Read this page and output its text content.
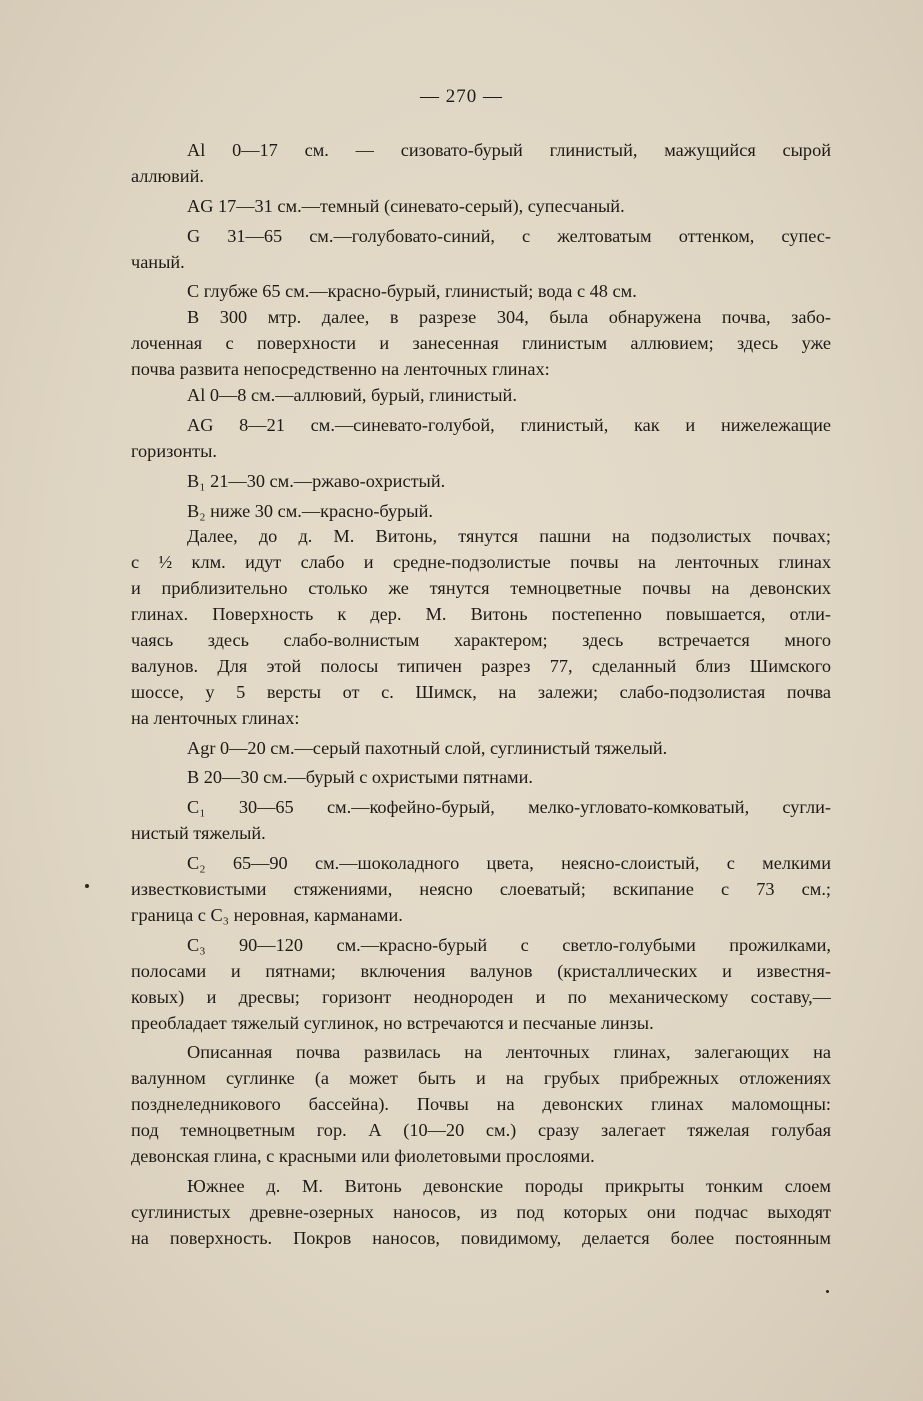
— 270 —
Al 0—17 см. — сизовато-бурый глинистый, мажущийся сырой
аллювий.
AG 17—31 см.—темный (синевато-серый), супесчаный.
G 31—65 см.—голубовато-синий, с желтоватым оттенком, супес-
чаный.
С глубже 65 см.—красно-бурый, глинистый; вода с 48 см.
В 300 мтр. далее, в разрезе 304, была обнаружена почва, забо-
лоченная с поверхности и занесенная глинистым аллювием; здесь уже
почва развита непосредственно на ленточных глинах:
Al 0—8 см.—аллювий, бурый, глинистый.
AG 8—21 см.—синевато-голубой, глинистый, как и нижележащие
горизонты.
В₁ 21—30 см.—ржаво-охристый.
В₂ ниже 30 см.—красно-бурый.
Далее, до д. М. Витонь, тянутся пашни на подзолистых почвах;
с ½ клм. идут слабо и средне-подзолистые почвы на ленточных глинах
и приблизительно столько же тянутся темноцветные почвы на девонских
глинах. Поверхность к дер. М. Витонь постепенно повышается, отли-
чаясь здесь слабо-волнистым характером; здесь встречается много
валунов. Для этой полосы типичен разрез 77, сделанный близ Шимского
шоссе, у 5 версты от с. Шимск, на залежи; слабо-подзолистая почва
на ленточных глинах:
Agr 0—20 см.—серый пахотный слой, суглинистый тяжелый.
В 20—30 см.—бурый с охристыми пятнами.
С₁ 30—65 см.—кофейно-бурый, мелко-угловато-комковатый, сугли-
нистый тяжелый.
С₂ 65—90 см.—шоколадного цвета, неясно-слоистый, с мелкими
известковистыми стяжениями, неясно слоеватый; вскипание с 73 см.;
граница с С₃ неровная, карманами.
С₃ 90—120 см.—красно-бурый с светло-голубыми прожилками,
полосами и пятнами; включения валунов (кристаллических и известня-
ковых) и дресвы; горизонт неоднороден и по механическому составу,—
преобладает тяжелый суглинок, но встречаются и песчаные линзы.
Описанная почва развилась на ленточных глинах, залегающих на
валунном суглинке (а может быть и на грубых прибрежных отложениях
позднеледникового бассейна). Почвы на девонских глинах маломощны:
под темноцветным гор. А (10—20 см.) сразу залегает тяжелая голубая
девонская глина, с красными или фиолетовыми прослоями.
Южнее д. М. Витонь девонские породы прикрыты тонким слоем
суглинистых древне-озерных наносов, из под которых они подчас выходят
на поверхность. Покров наносов, повидимому, делается более постоянным
